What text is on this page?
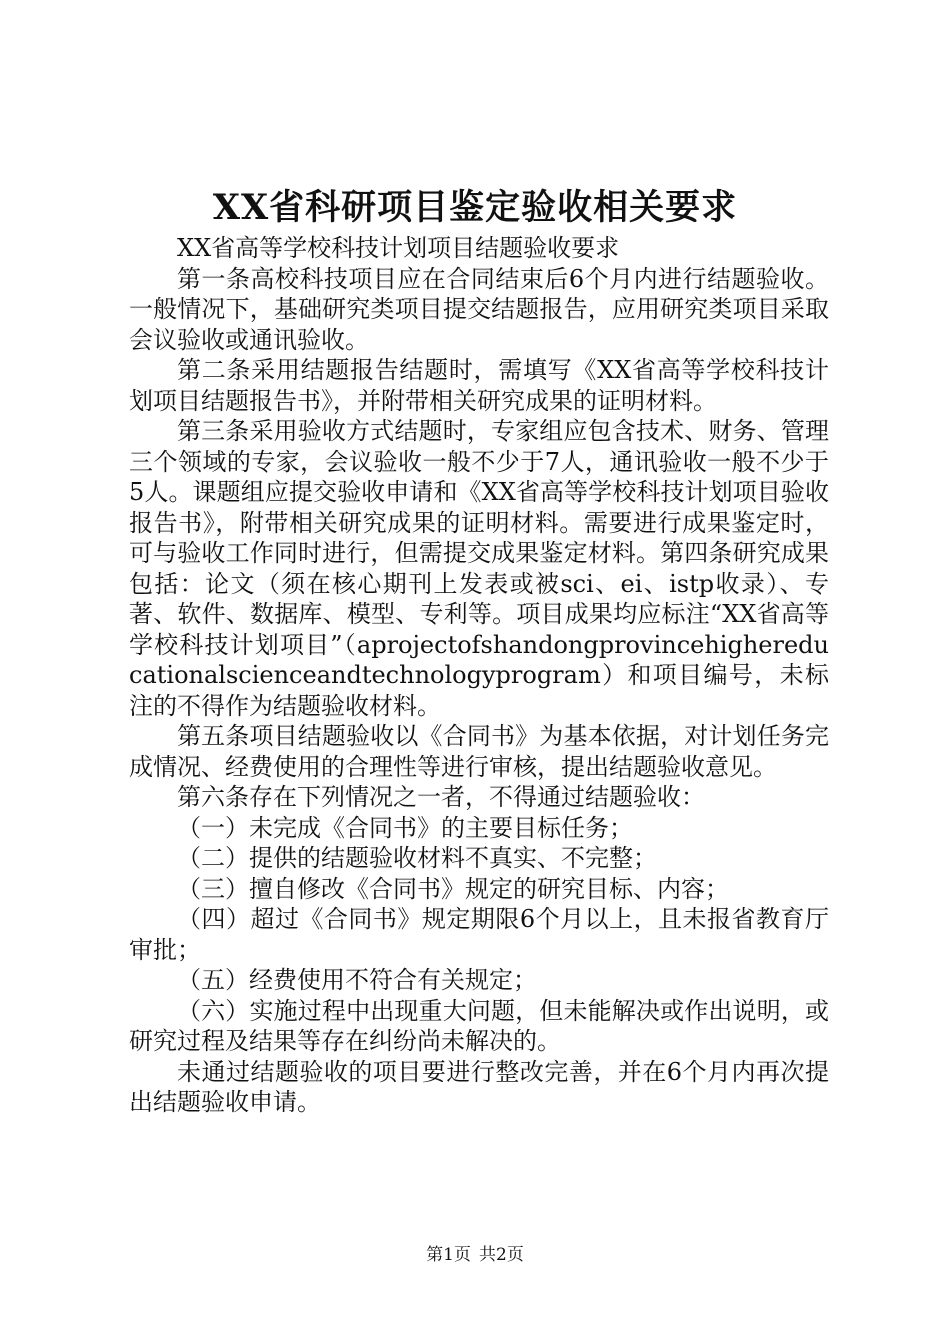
XX省科研项目鉴定验收相关要求

XX省高等学校科技计划项目结题验收要求

第一条高校科技项目应在合同结束后6个月内进行结题验收。一般情况下，基础研究类项目提交结题报告，应用研究类项目采取会议验收或通讯验收。

第二条采用结题报告结题时，需填写《XX省高等学校科技计划项目结题报告书》，并附带相关研究成果的证明材料。

第三条采用验收方式结题时，专家组应包含技术、财务、管理三个领域的专家，会议验收一般不少于7人，通讯验收一般不少于5人。课题组应提交验收申请和《XX省高等学校科技计划项目验收报告书》，附带相关研究成果的证明材料。需要进行成果鉴定时，可与验收工作同时进行，但需提交成果鉴定材料。第四条研究成果包括：论文（须在核心期刊上发表或被sci、ei、istp收录）、专著、软件、数据库、模型、专利等。项目成果均应标注“XX省高等学校科技计划项目”（aprojectofshandongprovincehighereducationalscienceandtechnologyprogram）和项目编号，未标注的不得作为结题验收材料。

第五条项目结题验收以《合同书》为基本依据，对计划任务完成情况、经费使用的合理性等进行审核，提出结题验收意见。

第六条存在下列情况之一者，不得通过结题验收：

（一）未完成《合同书》的主要目标任务；

（二）提供的结题验收材料不真实、不完整；

（三）擅自修改《合同书》规定的研究目标、内容；

（四）超过《合同书》规定期限6个月以上，且未报省教育厅审批；

（五）经费使用不符合有关规定；

（六）实施过程中出现重大问题，但未能解决或作出说明，或研究过程及结果等存在纠纷尚未解决的。

未通过结题验收的项目要进行整改完善，并在6个月内再次提出结题验收申请。

第1页 共2页
